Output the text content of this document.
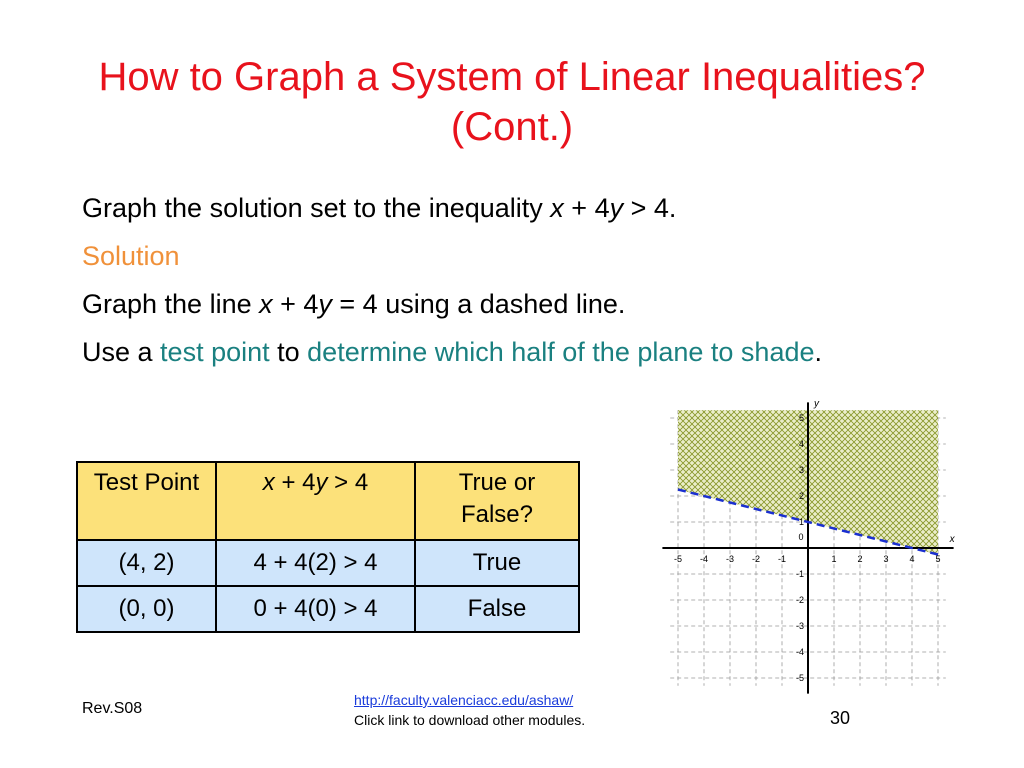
How to Graph a System of Linear Inequalities? (Cont.)

Graph the solution set to the inequality x + 4y > 4.

Solution

Graph the line x + 4y = 4 using a dashed line.

Use a test point to determine which half of the plane to shade.

Test Point	x + 4y > 4	True or False?
(4, 2)	4 + 4(2) > 4	True
(0, 0)	0 + 4(0) > 4	False
-5 -4 -3 -2 -1
0
1 2 3 4 5
5
4
3
2
1
-1
-2
-3
-4
-5
x
y
Rev.S08	http://faculty.valenciacc.edu/ashaw/
Click link to download other modules.	30
